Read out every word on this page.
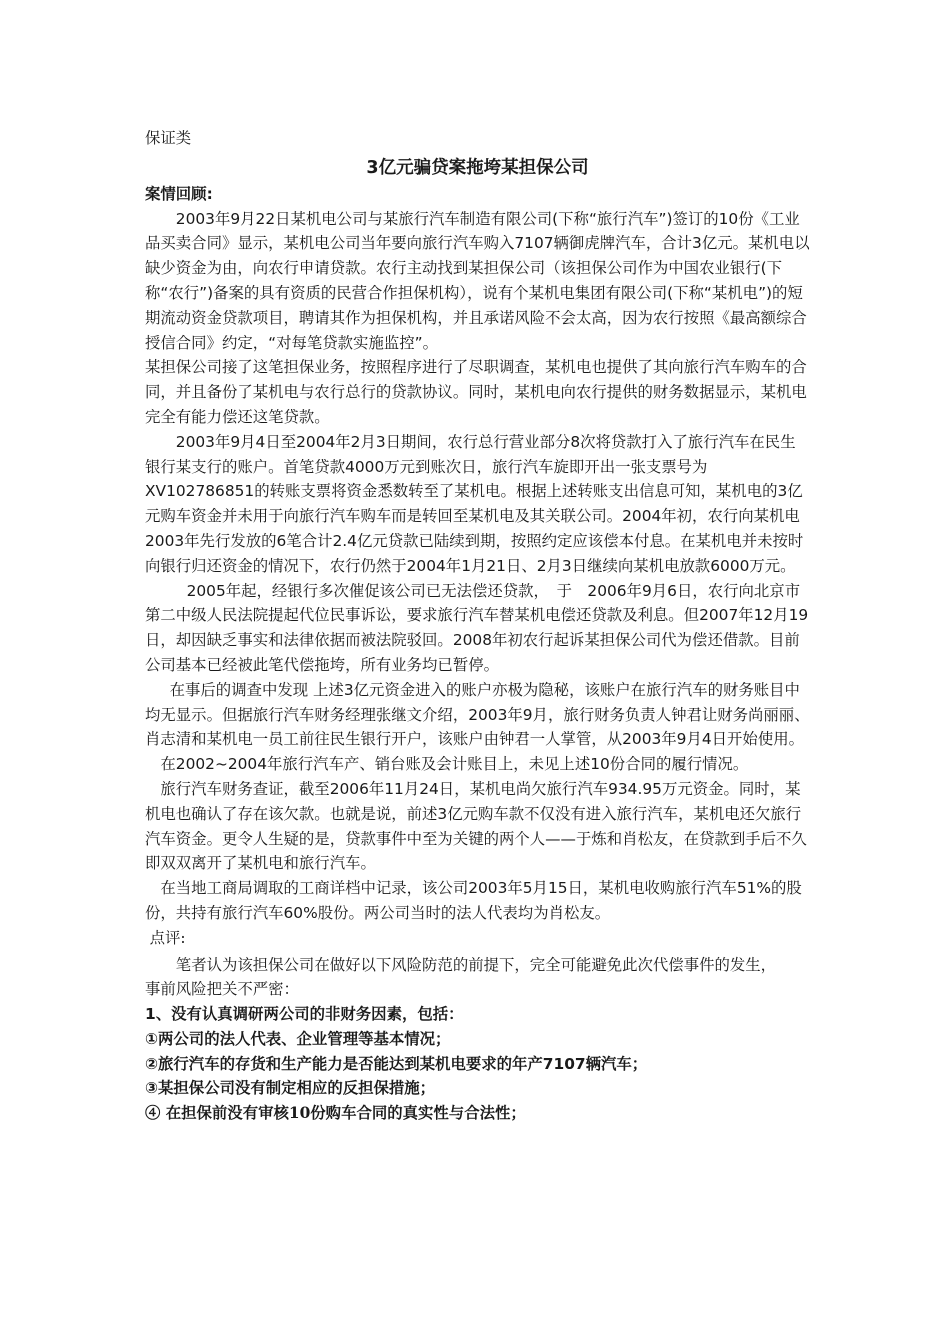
保证类

3亿元骗贷案拖垮某担保公司

案情回顾:

2003年9月22日某机电公司与某旅行汽车制造有限公司(下称“旅行汽车”)签订的10份《工业品买卖合同》显示，某机电公司当年要向旅行汽车购入7107辆御虎牌汽车，合计3亿元。某机电以缺少资金为由，向农行申请贷款。农行主动找到某担保公司（该担保公司作为中国农业银行(下称“农行”)备案的具有资质的民营合作担保机构），说有个某机电集团有限公司(下称“某机电”)的短期流动资金贷款项目，聘请其作为担保机构，并且承诺风险不会太高，因为农行按照《最高额综合授信合同》约定，“对每笔贷款实施监控”。

某担保公司接了这笔担保业务，按照程序进行了尽职调查，某机电也提供了其向旅行汽车购车的合同，并且备份了某机电与农行总行的贷款协议。同时，某机电向农行提供的财务数据显示，某机电完全有能力偿还这笔贷款。

2003年9月4日至2004年2月3日期间，农行总行营业部分8次将贷款打入了旅行汽车在民生银行某支行的账户。首笔贷款4000万元到账次日，旅行汽车旋即开出一张支票号为XV102786851的转账支票将资金悉数转至了某机电。根据上述转账支出信息可知，某机电的3亿元购车资金并未用于向旅行汽车购车而是转回至某机电及其关联公司。2004年初，农行向某机电2003年先行发放的6笔合计2.4亿元贷款已陆续到期，按照约定应该偿本付息。在某机电并未按时向银行归还资金的情况下，农行仍然于2004年1月21日、2月3日继续向某机电放款6000万元。

2005年起，经银行多次催促该公司已无法偿还贷款，　于　2006年9月6日，农行向北京市第二中级人民法院提起代位民事诉讼，要求旅行汽车替某机电偿还贷款及利息。但2007年12月19日，却因缺乏事实和法律依据而被法院驳回。2008年初农行起诉某担保公司代为偿还借款。目前公司基本已经被此笔代偿拖垮，所有业务均已暂停。

在事后的调查中发现 上述3亿元资金进入的账户亦极为隐秘，该账户在旅行汽车的财务账目中均无显示。但据旅行汽车财务经理张继文介绍，2003年9月，旅行财务负责人钟君让财务尚丽丽、肖志清和某机电一员工前往民生银行开户，该账户由钟君一人掌管，从2003年9月4日开始使用。

在2002~2004年旅行汽车产、销台账及会计账目上，未见上述10份合同的履行情况。

旅行汽车财务查证，截至2006年11月24日，某机电尚欠旅行汽车934.95万元资金。同时，某机电也确认了存在该欠款。也就是说，前述3亿元购车款不仅没有进入旅行汽车，某机电还欠旅行汽车资金。更令人生疑的是，贷款事件中至为关键的两个人——于炼和肖松友，在贷款到手后不久即双双离开了某机电和旅行汽车。

在当地工商局调取的工商详档中记录，该公司2003年5月15日，某机电收购旅行汽车51%的股份，共持有旅行汽车60%股份。两公司当时的法人代表均为肖松友。

点评:

笔者认为该担保公司在做好以下风险防范的前提下，完全可能避免此次代偿事件的发生，

事前风险把关不严密：

1、没有认真调研两公司的非财务因素，包括：

①两公司的法人代表、企业管理等基本情况；

②旅行汽车的存货和生产能力是否能达到某机电要求的年产7107辆汽车；

③某担保公司没有制定相应的反担保措施；

④ 在担保前没有审核10份购车合同的真实性与合法性；
